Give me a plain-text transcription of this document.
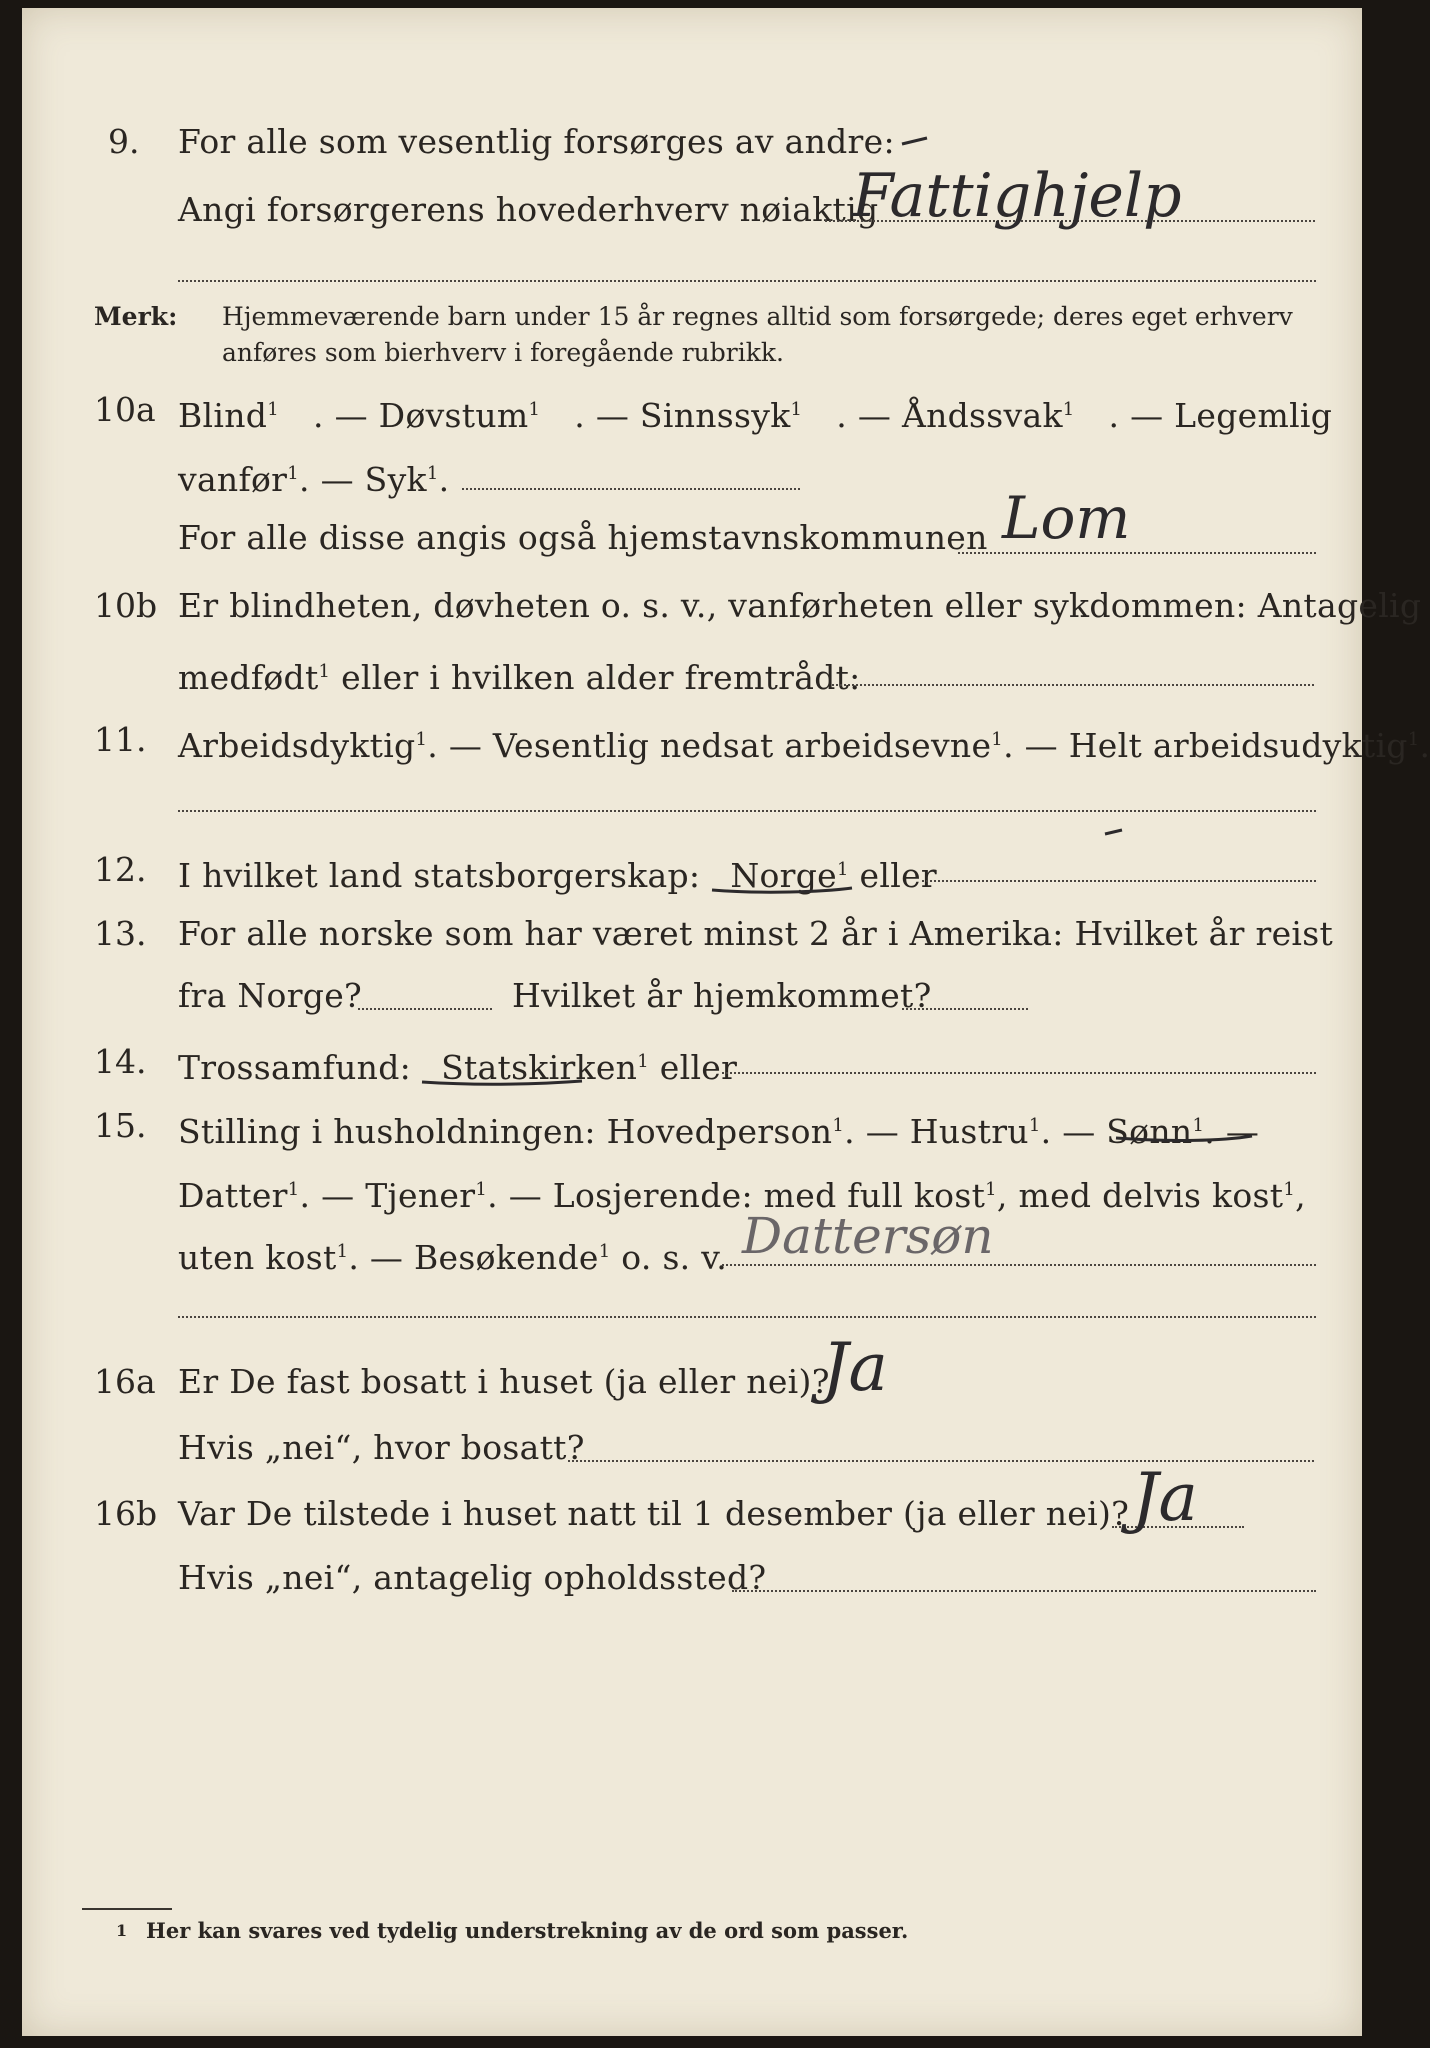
9. For alle som vesentlig forsørges av andre:
Angi forsørgerens hovederhverv nøiaktig
Fattighjelp
Merk: Hjemmeværende barn under 15 år regnes alltid som forsørgede; deres eget erhverv
anføres som bierhverv i foregående rubrikk.
10a Blind$^1$ . — Døvstum$^1$ . — Sinnssyk$^1$ . — Åndssvak$^1$ . — Legemlig
vanfør$^1$. — Syk$^1$.
For alle disse angis også hjemstavnskommunen Lom
10b Er blindheten, døvheten o. s. v., vanførheten eller sykdommen: Antagelig
medfødt$^1$ eller i hvilken alder fremtrådt:
11. Arbeidsdyktig$^1$. — Vesentlig nedsat arbeidsevne$^1$. — Helt arbeidsudyktig$^1$.
12. I hvilket land statsborgerskap: Norge$^1$ eller
13. For alle norske som har været minst 2 år i Amerika: Hvilket år reist
fra Norge?	Hvilket år hjemkommet?
14. Trossamfund: Statskirken$^1$ eller
15. Stilling i husholdningen: Hovedperson$^1$. — Hustru$^1$. — Sønn$^1$. —
Datter$^1$. — Tjener$^1$. — Losjerende: med full kost$^1$, med delvis kost$^1$,
uten kost$^1$. — Besøkende$^1$ o. s. v. Dattersøn
16a Er De fast bosatt i huset (ja eller nei)?
Ja
Hvis „nei“, hvor bosatt?
16b Var De tilstede i huset natt til 1 desember (ja eller nei)? Ja
Hvis „nei“, antagelig opholdssted?
1 Her kan svares ved tydelig understrekning av de ord som passer.
